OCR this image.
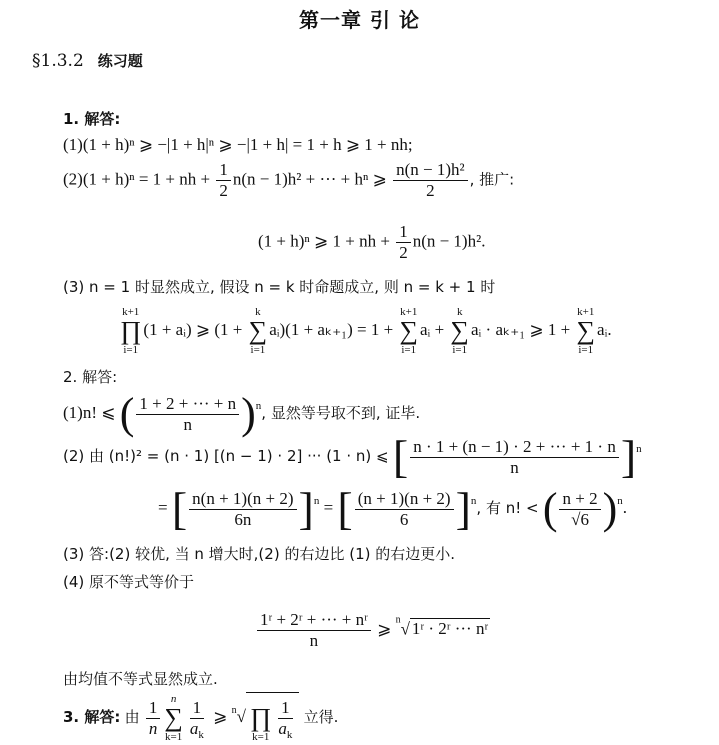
第一章 引 论
§1.3.2 练习题
1. 解答:
(1)(1 + h)ⁿ ⩾ −|1 + h|ⁿ ⩾ −|1 + h| = 1 + h ⩾ 1 + nh;
(2)(1 + h)ⁿ = 1 + nh + $\frac{1}{2} n(n - 1)h^2$ + ··· + hⁿ ⩾ $\frac{\text{n(n − 1)h²}}{2}$ , 推广:
(1 + h)ⁿ ⩾ 1 + nh + $\frac{1}{2} n(n - 1)h^2$.
(3) n = 1 时显然成立, 假设 n = k 时命题成立, 则 n = k + 1 时
k+1
∏
i=1
(1 + aᵢ) ⩾ (1 +
k
∑
i=1
aᵢ)(1 + aₖ₊₁) = 1 +
k+1
∑
i=1
aᵢ +
k
∑
i=1
aᵢ · aₖ₊₁ ⩾ 1 +
k+1
∑
i=1
aᵢ.
2. 解答:
(1)n! ⩽ ( $\frac{1 + 2 + \cdot\cdot\cdot + n}{n} )^n$, 显然等号取不到, 证毕.
(2) 由 (n!)² = (n · 1) [(n − 1) · 2] ··· (1 · n) ⩽ [ $\frac{n \cdot 1 + (n - 1) \cdot 2 + \cdot\cdot\cdot + 1 \cdot n}{n} ]^n$
= [ $\frac{n(n + 1)(n + 2)}{6n} ]^n$ = [ $\frac{(n + 1)(n + 2)}{6} ]^n$, 有 n! < ( $\frac{n + 2}{√6} )^n$.
(3) 答:(2) 较优, 当 n 增大时,(2) 的右边比 (1) 的右边更小.
(4) 原不等式等价于
$\frac{\text{1ʳ + 2ʳ + ··· + nʳ}}{n}$ ⩾ $^n$√ 1ʳ · 2ʳ ··· nʳ
由均值不等式显然成立.
3. 解答: 由 $\frac{1}{n}$ n
∑
$k=1 \frac{1}{a_k}$ ⩾ $^n$√
∏
$k=1 \frac{1}{a_k}$ 立得.
